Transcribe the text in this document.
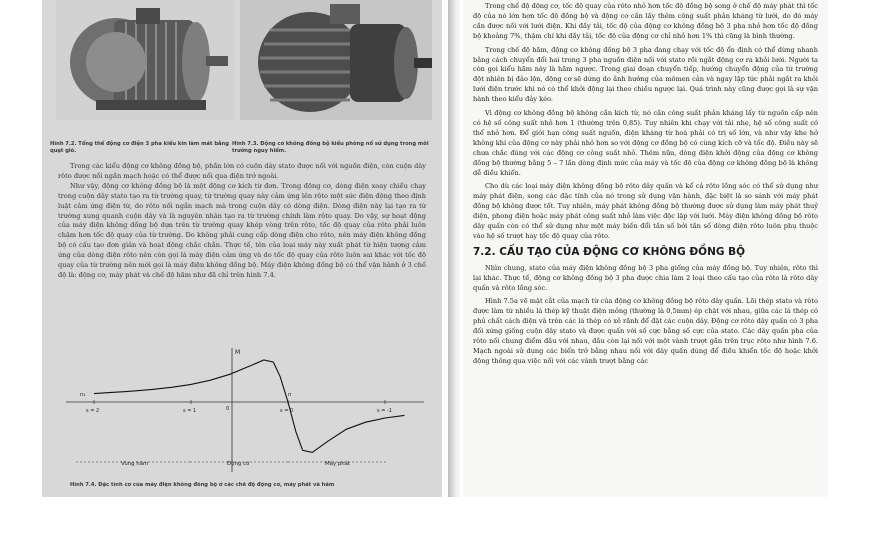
Hình 7.2. Tổng thể động cơ điện 3 pha kiểu kín làm mát bằng quạt gió.
Hình 7.3. Động cơ không đồng bộ kiểu phòng nổ sử dụng trong môi trường nguy hiểm.

Trong các kiểu động cơ không đồng bộ, phần lớn có cuộn dây stato được nối với nguồn điện, còn cuộn dây rôto được nối ngắn mạch hoặc có thể được nối qua điện trở ngoài.

Như vậy, động cơ không đồng bộ là một động cơ kích từ đơn. Trong động cơ, dòng điện xoay chiều chạy trong cuộn dây stato tạo ra từ trường quay, từ trường quay này cảm ứng lên rôto một sức điện động theo định luật cảm ứng điện từ, do rôto nối ngắn mạch mà trong cuộn dây có dòng điện. Dòng điện này lại tạo ra từ trường xung quanh cuộn dây và là nguyên nhân tạo ra từ trường chính làm rôto quay. Do vậy, sự hoạt động của máy điện không đồng bộ dựa trên từ trường quay khép vòng trên rôto, tốc độ quay của rôto phải luôn chậm hơn tốc độ quay của từ trường. Do không phải cung cấp dòng điện cho rôto, nên máy điện không đồng bộ có cấu tạo đơn giản và hoạt động chắc chắn. Thực tế, tên của loại máy này xuất phát từ hiện tượng cảm ứng của dòng điện rôto nên còn gọi là máy điện cảm ứng và do tốc độ quay của rôto luôn sai khác với tốc độ quay của từ trường nên mới gọi là máy điện không đồng bộ. Máy điện không đồng bộ có thể vận hành ở 3 chế độ là: động cơ, máy phát và chế độ hãm như đã chỉ trên hình 7.4.

M
s = 2	s = 1	s = 0	s = -1
Vùng hãm	Động cơ	Máy phát
n
n₁
0
Hình 7.4. Đặc tính cơ của máy điện không đồng bộ ở các chế độ động cơ, máy phát và hãm

Trong chế độ động cơ, tốc độ quay của rôto nhỏ hơn tốc độ đồng bộ song ở chế độ máy phát thì tốc độ của nó lớn hơn tốc độ đồng bộ và động cơ cần lấy thêm công suất phản kháng từ lưới, do đó máy cần được nối với lưới điện. Khi đầy tải, tốc độ của động cơ không đồng bộ 3 pha nhỏ hơn tốc độ đồng bộ khoảng 7%, thậm chí khi đầy tải, tốc độ của động cơ chỉ nhỏ hơn 1% thì cũng là bình thường.

Trong chế độ hãm, động cơ không đồng bộ 3 pha đang chạy với tốc độ ổn định có thể dừng nhanh bằng cách chuyển đổi hai trong 3 pha nguồn điện nối với stato rồi ngắt động cơ ra khỏi lưới. Người ta còn gọi kiểu hãm này là hãm ngược. Trong giai đoạn chuyển tiếp, hướng chuyển động của từ trường đột nhiên bị đảo lộn, động cơ sẽ dừng do ảnh hưởng của mômen cản và ngay lập tức phải ngắt ra khỏi lưới điện trước khi nó có thể khởi động lại theo chiều ngược lại. Quá trình này cũng được gọi là sự vận hành theo kiểu đảy kéo.

Vì động cơ không đồng bộ không cần kích từ, nó cần công suất phản kháng lấy từ nguồn cấp nên có hệ số công suất nhỏ hơn 1 (thường trên 0,85). Tuy nhiên khi chạy với tải nhẹ, hệ số công suất có thể nhỏ hơn. Để giới hạn công suất nguồn, điện kháng từ hoá phải có trị số lớn, và như vậy khe hở không khí của động cơ này phải nhỏ hơn so với động cơ đồng bộ có cùng kích cỡ và tốc độ. Điều này sẽ chưa chắc đúng với các động cơ công suất nhỏ. Thêm nữa, dòng điện khởi động của động cơ không đồng bộ thường bằng 5 – 7 lần dòng định mức của máy và tốc độ của động cơ không đồng bộ là không dễ điều khiển.

Cho dù các loại máy điện không đồng bộ rôto dây quấn và kể cả rôto lồng sóc có thể sử dụng như máy phát điện, song các đặc tính của nó trong sử dụng vận hành, đặc biệt là so sánh với máy phát đồng bộ không được tốt. Tuy nhiên, máy phát không đồng bộ thường được sử dụng làm máy phát thuỷ điện, phong điện hoặc máy phát công suất nhỏ làm việc độc lập với lưới. Máy điện không đồng bộ rôto dây quấn còn có thể sử dụng như một máy biến đổi tần số bởi tần số dòng điện rôto luôn phụ thuộc vào hệ số trượt hay tốc độ quay của rôto.

7.2. CẤU TẠO CỦA ĐỘNG CƠ KHÔNG ĐỒNG BỘ

Nhìn chung, stato của máy điện không đồng bộ 3 pha giống của máy đồng bộ. Tuy nhiên, rôto thì lại khác. Thực tế, động cơ không đồng bộ 3 pha được chia làm 2 loại theo cấu tạo của rôto là rôto dây quấn và rôto lồng sóc.

Hình 7.5a vẽ mặt cắt của mạch từ của động cơ không đồng bộ rôto dây quấn. Lõi thép stato và rôto được làm từ nhiều lá thép kỹ thuật điện mỏng (thường là 0,5mm) ép chặt với nhau, giữa các lá thép có phủ chất cách điện và trên các lá thép có xẻ rãnh để đặt các cuộn dây. Động cơ rôto dây quấn có 3 pha đối xứng giống cuộn dây stato và được quấn với số cực bằng số cực của stato. Các dây quấn pha của rôto nối chung điểm đầu với nhau, đầu còn lại nối với một vành trượt gắn trên trục rôto như hình 7.6. Mạch ngoài sử dụng các biến trở bằng nhau nối với dây quấn dùng để điều khiển tốc độ hoặc khởi động thông qua việc nối với các vành trượt bằng các
